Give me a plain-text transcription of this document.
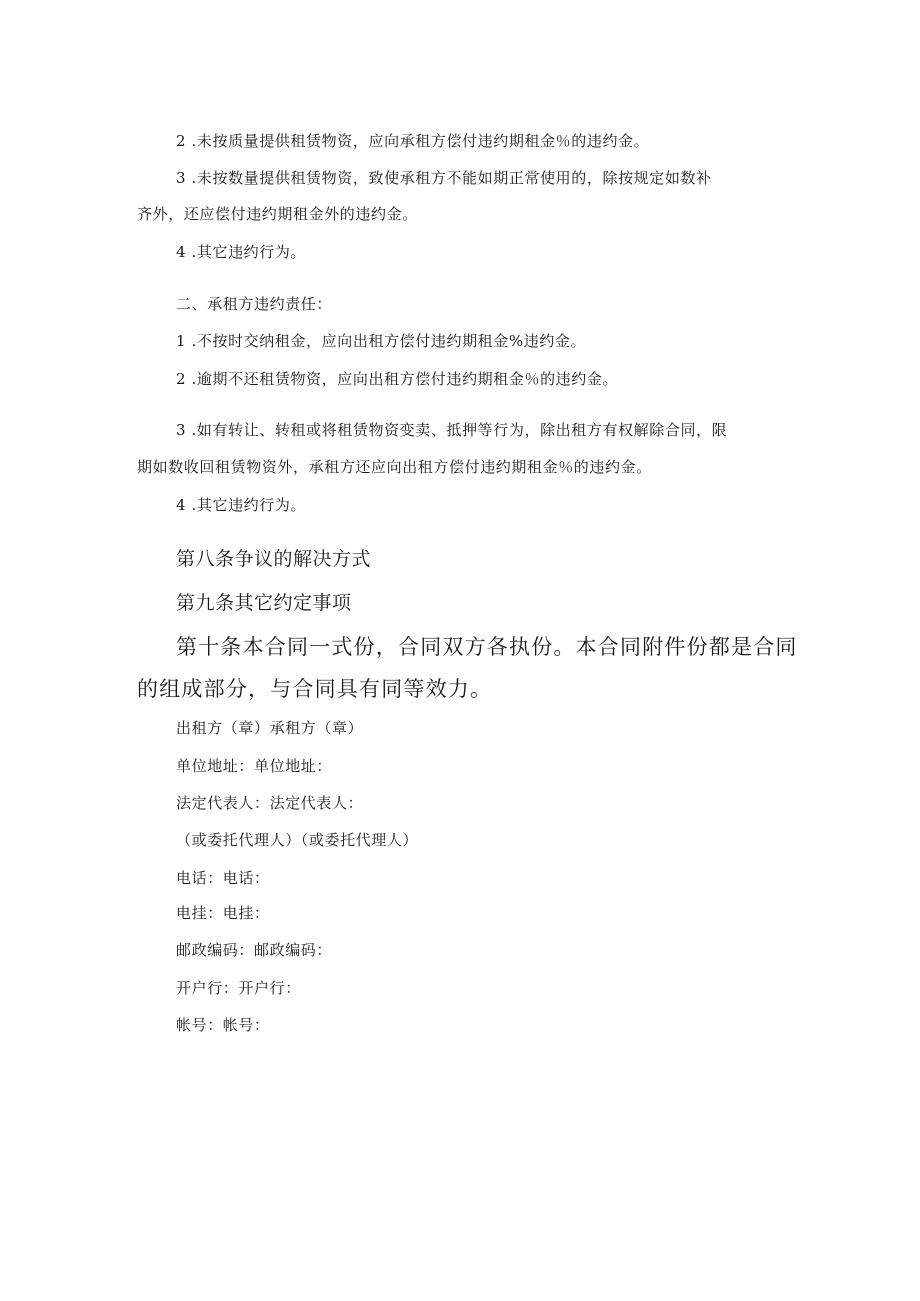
2 .未按质量提供租赁物资，应向承租方偿付违约期租金％的违约金。
3 .未按数量提供租赁物资，致使承租方不能如期正常使用的，除按规定如数补
齐外，还应偿付违约期租金外的违约金。
4 .其它违约行为。
二、承租方违约责任：
1 .不按时交纳租金，应向出租方偿付违约期租金%违约金。
2 .逾期不还租赁物资，应向出租方偿付违约期租金％的违约金。
3 .如有转让、转租或将租赁物资变卖、抵押等行为，除出租方有权解除合同，限
期如数收回租赁物资外，承租方还应向出租方偿付违约期租金％的违约金。
4 .其它违约行为。
第八条争议的解决方式
第九条其它约定事项
第十条本合同一式份，合同双方各执份。本合同附件份都是合同
的组成部分，与合同具有同等效力。
出租方（章）承租方（章）
单位地址：单位地址：
法定代表人：法定代表人：
（或委托代理人）（或委托代理人）
电话：电话：
电挂：电挂：
邮政编码：邮政编码：
开户行：开户行：
帐号：帐号：
